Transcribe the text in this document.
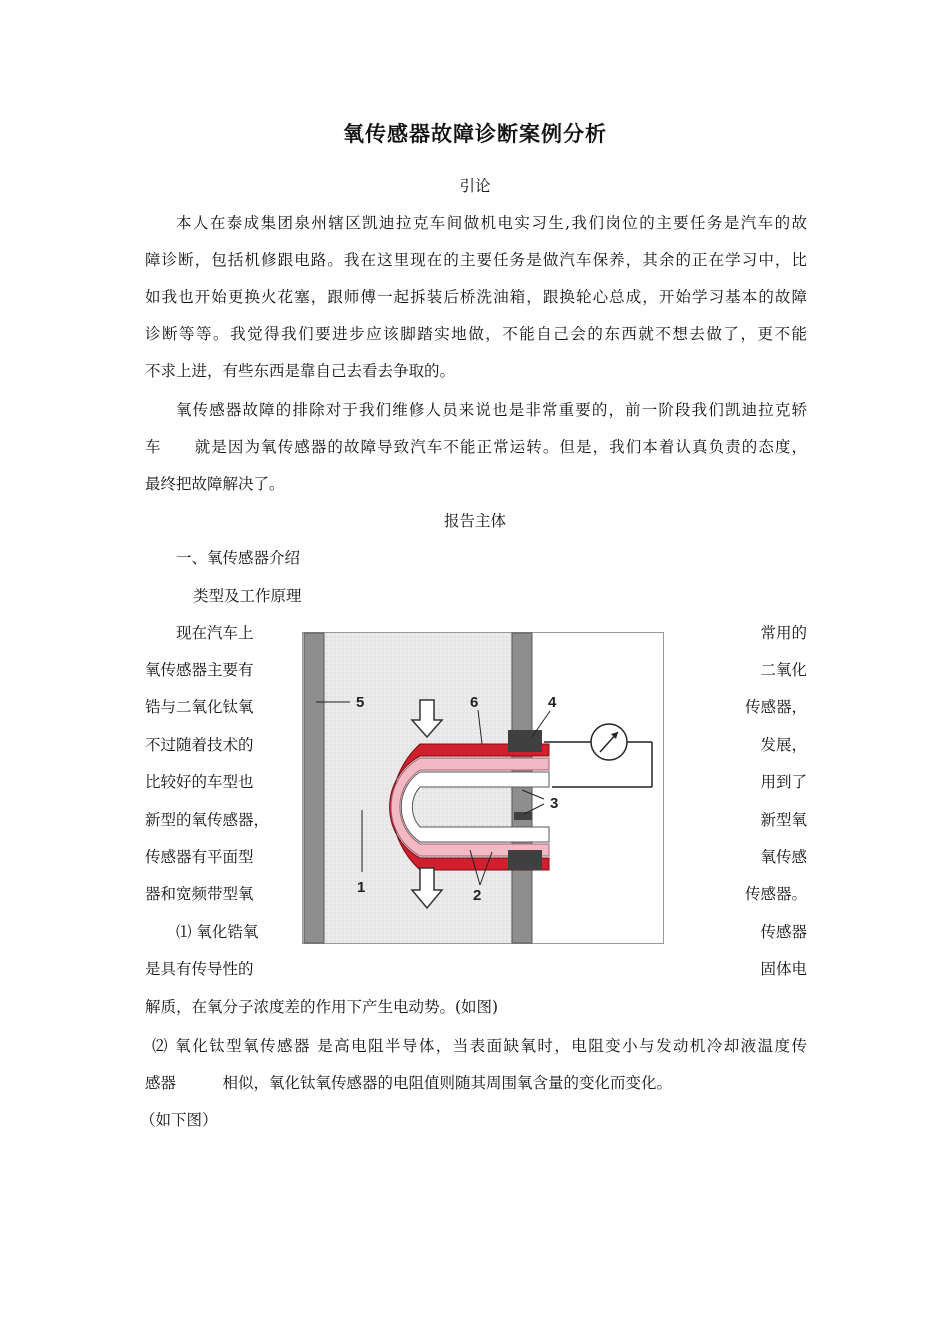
氧传感器故障诊断案例分析
引论
本人在泰成集团泉州辖区凯迪拉克车间做机电实习生,我们岗位的主要任务是汽车的故
障诊断，包括机修跟电路。我在这里现在的主要任务是做汽车保养，其余的正在学习中，比
如我也开始更换火花塞，跟师傅一起拆装后桥洗油箱，跟换轮心总成，开始学习基本的故障
诊断等等。我觉得我们要进步应该脚踏实地做，不能自己会的东西就不想去做了，更不能
不求上进，有些东西是靠自己去看去争取的。
氧传感器故障的排除对于我们维修人员来说也是非常重要的，前一阶段我们凯迪拉克轿
车　　就是因为氧传感器的故障导致汽车不能正常运转。但是，我们本着认真负责的态度，
最终把故障解决了。
报告主体
一、氧传感器介绍
类型及工作原理
现在汽车上
氧传感器主要有
锆与二氧化钛氧
不过随着技术的
比较好的车型也
新型的氧传感器，
传感器有平面型
器和宽频带型氧
⑴ 氧化锆氧
是具有传导性的
常用的
二氧化
传感器，
发展，
用到了
新型氧
氧传感
传感器。
传感器
固体电
5	6	4
3
2
1
解质，在氧分子浓度差的作用下产生电动势。(如图)
⑵ 氧化钛型氧传感器 是高电阻半导体，当表面缺氧时，电阻变小与发动机冷却液温度传
感器　　　相似，氧化钛氧传感器的电阻值则随其周围氧含量的变化而变化。
（如下图）
